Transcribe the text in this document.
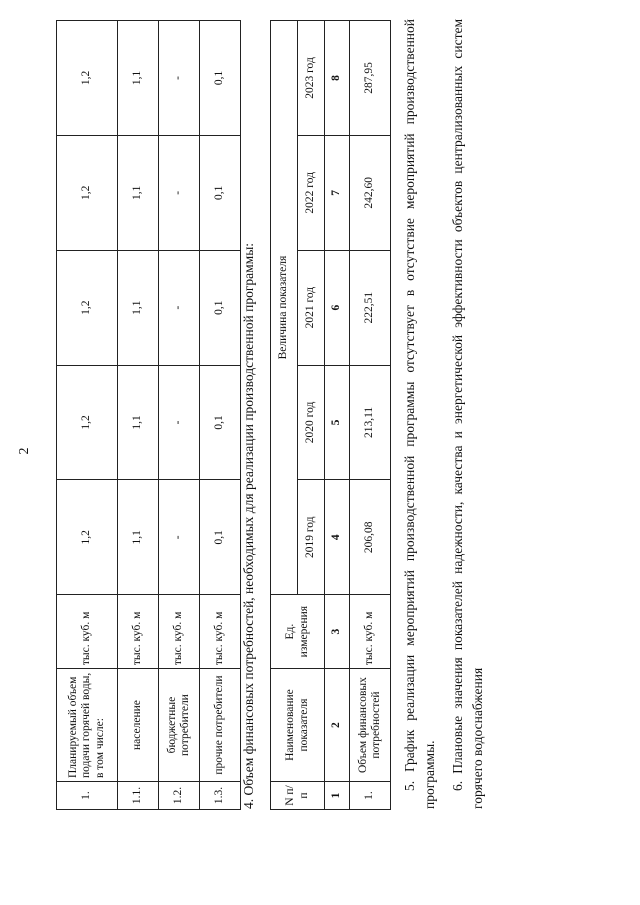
2
1.	Планируемый объем подачи горячей воды, в том числе:	тыс. куб. м	1,2	1,2	1,2	1,2	1,2
1.1.	население	тыс. куб. м	1,1	1,1	1,1	1,1	1,1
1.2.	бюджетные потребители	тыс. куб. м	-	-	-	-	-
1.3.	прочие потребители	тыс. куб. м	0,1	0,1	0,1	0,1	0,1
4. Объем финансовых потребностей, необходимых для реализации производственной программы: N п/п	Наименование показателя	Ед. измерения	Величина показателя				
			2019 год	2020 год	2021 год	2022 год	2023 год
1	2	3	4	5	6	7	8
1.	Объем финансовых потребностей	тыс. куб. м	206,08	213,11	222,51	242,60	287,95 5. График реализации мероприятий производственной программы отсутствует в отсутствие мероприятий производственной программы. 6. Плановые значения показателей надежности, качества и энергетической эффективности объектов централизованных систем горячего водоснабжения
